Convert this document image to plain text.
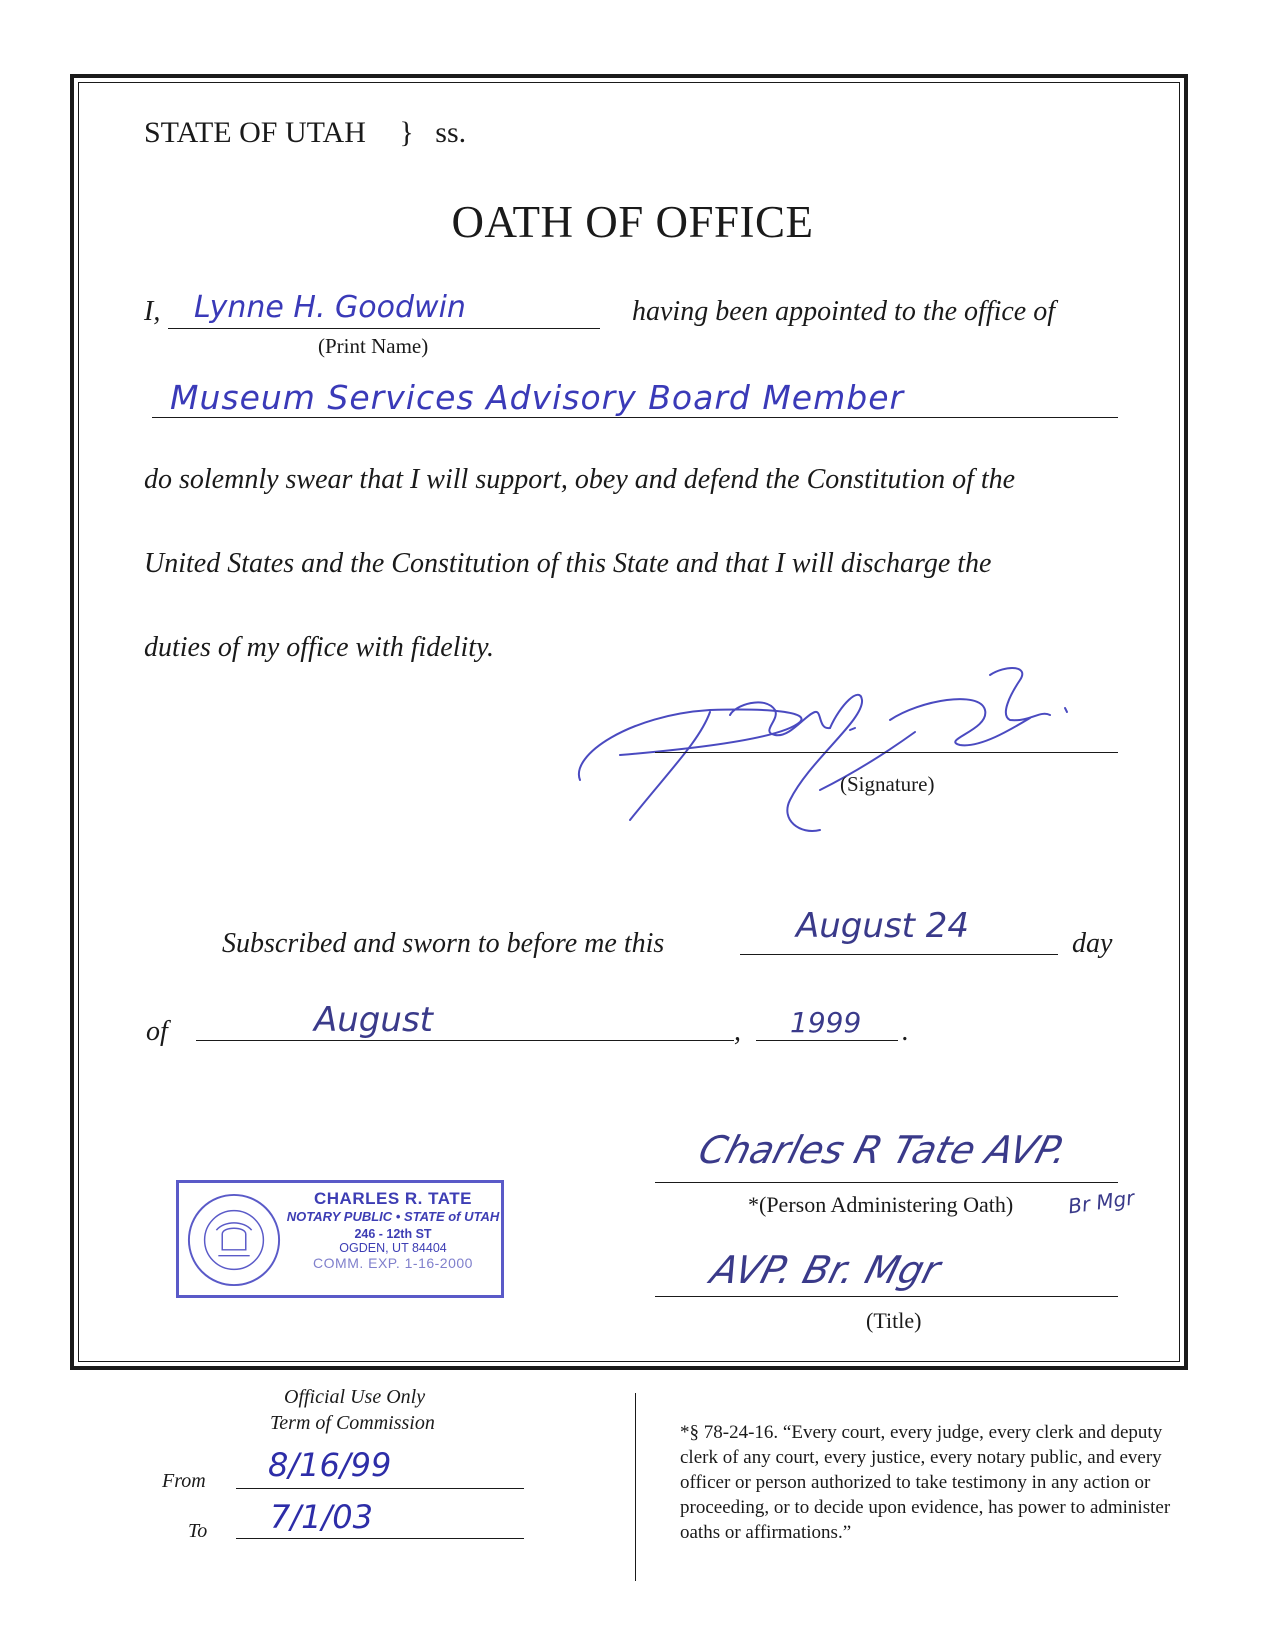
STATE OF UTAH } ss.
OATH OF OFFICE
I, Lynne H. Goodwin
(Print Name)
having been appointed to the office of
Museum Services Advisory Board Member
do solemnly swear that I will support, obey and defend the Constitution of the
United States and the Constitution of this State and that I will discharge the
duties of my office with fidelity.
(Signature)
Subscribed and sworn to before me this	August 24	day
of	August	, 1999 .
Charles R Tate AVP.
*(Person Administering Oath)	Br Mgr
AVP. Br. Mgr
(Title)
CHARLES R. TATE
NOTARY PUBLIC • STATE of UTAH
246 - 12th ST
OGDEN, UT 84404
COMM. EXP. 1-16-2000
Official Use Only
Term of Commission
From 8/16/99
To 7/1/03
*§ 78-24-16. “Every court, every judge, every clerk and deputy clerk of any court, every justice, every notary public, and every officer or person authorized to take testimony in any action or proceeding, or to decide upon evidence, has power to administer oaths or affirmations.”
